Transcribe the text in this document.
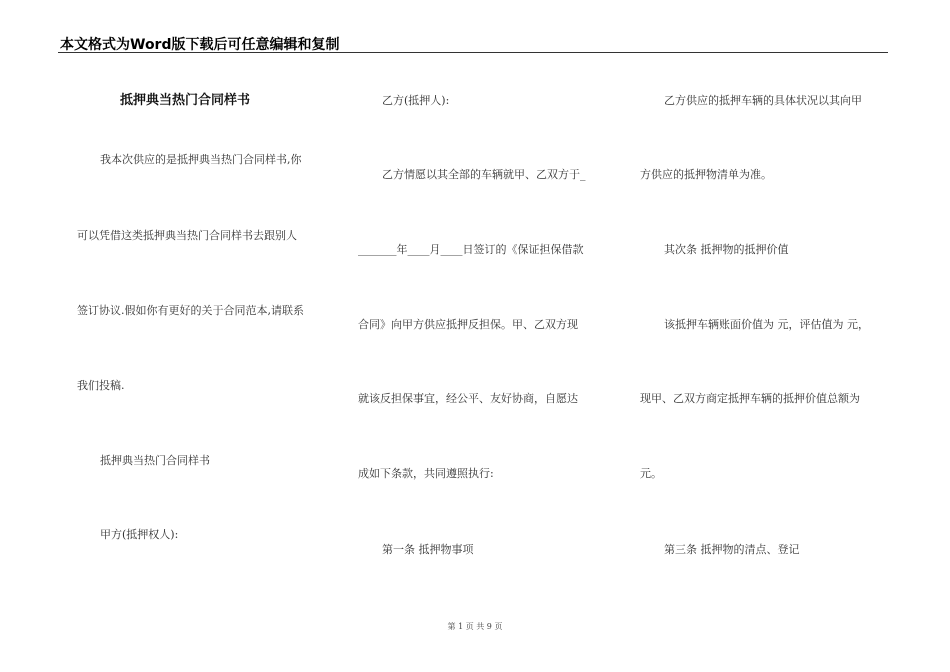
本文格式为Word版下载后可任意编辑和复制
抵押典当热门合同样书
我本次供应的是抵押典当热门合同样书,你
可以凭借这类抵押典当热门合同样书去跟别人
签订协议.假如你有更好的关于合同范本,请联系
我们投稿.
抵押典当热门合同样书
甲方(抵押权人):
乙方(抵押人):
乙方情愿以其全部的车辆就甲、乙双方于_
_______年____月____日签订的《保证担保借款
合同》向甲方供应抵押反担保。甲、乙双方现
就该反担保事宜，经公平、友好协商，自愿达
成如下条款，共同遵照执行:
第一条 抵押物事项
乙方供应的抵押车辆的具体状况以其向甲
方供应的抵押物清单为准。
其次条 抵押物的抵押价值
该抵押车辆账面价值为 元，评估值为 元，
现甲、乙双方商定抵押车辆的抵押价值总额为
元。
第三条 抵押物的清点、登记
第 1 页 共 9 页
